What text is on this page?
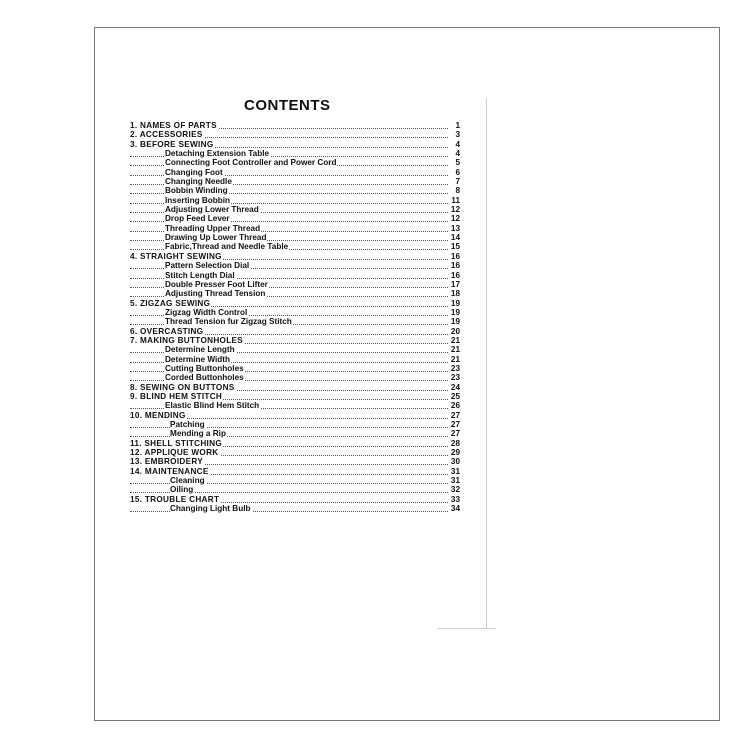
CONTENTS
1. NAMES OF PARTS	1
2. ACCESSORIES	3
3. BEFORE SEWING	4
Detaching Extension Table	4
Connecting Foot Controller and Power Cord	5
Changing Foot	6
Changing Needle	7
Bobbin Winding	8
Inserting Bobbin	11
Adjusting Lower Thread	12
Drop Feed Lever	12
Threading Upper Thread	13
Drawing Up Lower Thread	14
Fabric,Thread and Needle Table	15
4. STRAIGHT SEWING	16
Pattern Selection Dial	16
Stitch Length Dial	16
Double Presser Foot Lifter	17
Adjusting Thread Tension	18
5. ZIGZAG SEWING	19
Zigzag Width Control	19
Thread Tension fur Zigzag Stitch	19
6. OVERCASTING	20
7. MAKING BUTTONHOLES	21
Determine Length	21
Determine Width	21
Cutting Buttonholes	23
Corded Buttonholes	23
8. SEWING ON BUTTONS	24
9. BLIND HEM STITCH	25
Elastic Blind Hem Stitch	26
10. MENDING	27
Patching	27
Mending a Rip	27
11. SHELL STITCHING	28
12. APPLIQUE WORK	29
13. EMBROIDERY	30
14. MAINTENANCE	31
Cleaning	31
Oiling	32
15. TROUBLE CHART	33
Changing Light Bulb	34
